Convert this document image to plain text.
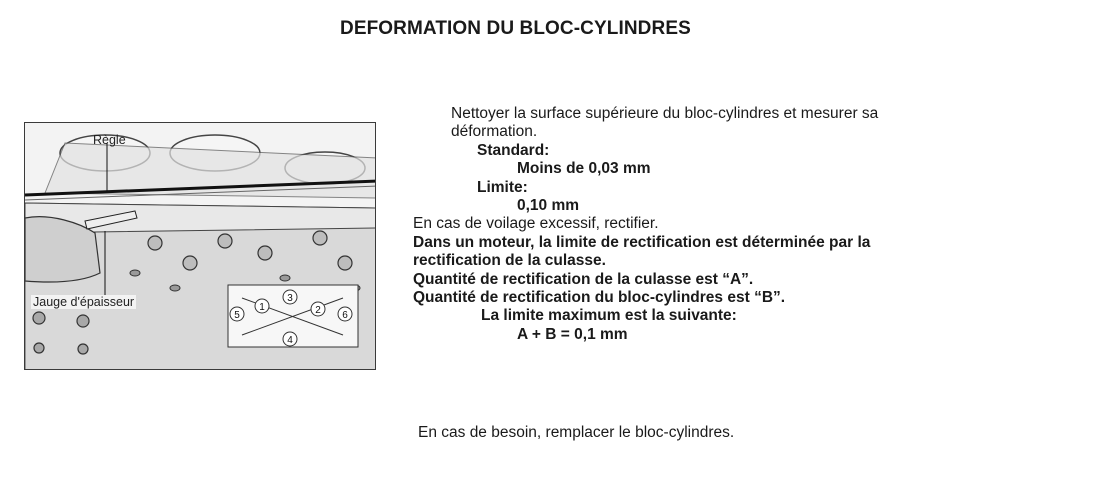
DEFORMATION DU BLOC-CYLINDRES
1	2
3
4
5	6
Règle
Jauge d'épaisseur

Nettoyer la surface supérieure du bloc-cylindres et mesurer sa

déformation.

Standard:

Moins de 0,03 mm

Limite:

0,10 mm

En cas de voilage excessif, rectifier.

Dans un moteur, la limite de rectification est déterminée par la

rectification de la culasse.

Quantité de rectification de la culasse est “A”.

Quantité de rectification du bloc-cylindres est “B”.

La limite maximum est la suivante:

A + B = 0,1 mm

En cas de besoin, remplacer le bloc-cylindres.
